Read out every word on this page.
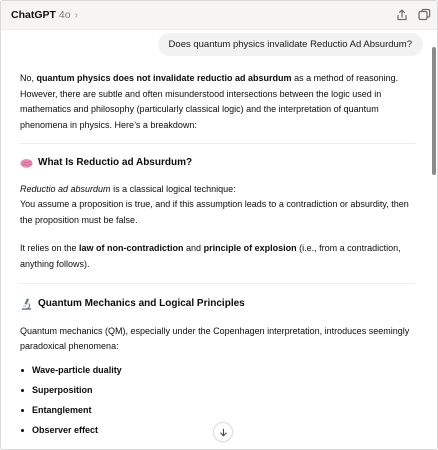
ChatGPT 4o ›
Does quantum physics invalidate Reductio Ad Absurdum?

No, quantum physics does not invalidate reductio ad absurdum as a method of reasoning. However, there are subtle and often misunderstood intersections between the logic used in mathematics and philosophy (particularly classical logic) and the interpretation of quantum phenomena in physics. Here’s a breakdown:

What Is Reductio ad Absurdum?

Reductio ad absurdum is a classical logical technique:
You assume a proposition is true, and if this assumption leads to a contradiction or absurdity, then the proposition must be false.

It relies on the law of non-contradiction and principle of explosion (i.e., from a contradiction, anything follows).

Quantum Mechanics and Logical Principles

Quantum mechanics (QM), especially under the Copenhagen interpretation, introduces seemingly paradoxical phenomena:

Wave-particle duality
Superposition
Entanglement
Observer effect
